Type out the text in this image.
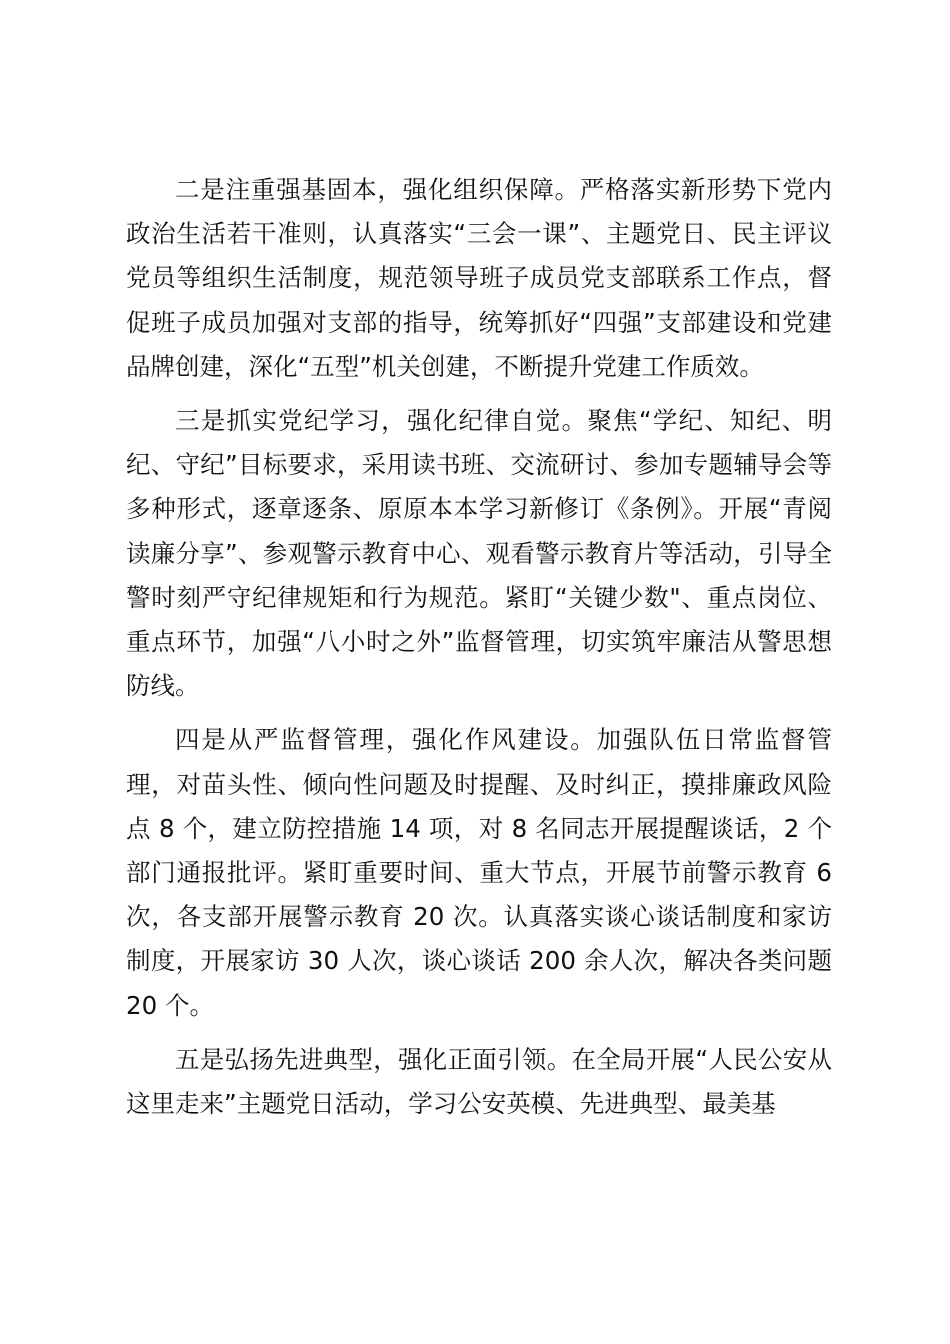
二是注重强基固本，强化组织保障。严格落实新形势下党内政治生活若干准则，认真落实“三会一课”、主题党日、民主评议党员等组织生活制度，规范领导班子成员党支部联系工作点，督促班子成员加强对支部的指导，统筹抓好“四强”支部建设和党建品牌创建，深化“五型”机关创建，不断提升党建工作质效。

三是抓实党纪学习，强化纪律自觉。聚焦“学纪、知纪、明纪、守纪”目标要求，采用读书班、交流研讨、参加专题辅导会等多种形式，逐章逐条、原原本本学习新修订《条例》。开展“青阅读廉分享”、参观警示教育中心、观看警示教育片等活动，引导全警时刻严守纪律规矩和行为规范。紧盯“关键少数"、重点岗位、重点环节，加强“八小时之外”监督管理，切实筑牢廉洁从警思想防线。

四是从严监督管理，强化作风建设。加强队伍日常监督管理，对苗头性、倾向性问题及时提醒、及时纠正，摸排廉政风险点 8 个，建立防控措施 14 项，对 8 名同志开展提醒谈话，2 个部门通报批评。紧盯重要时间、重大节点，开展节前警示教育 6 次，各支部开展警示教育 20 次。认真落实谈心谈话制度和家访制度，开展家访 30 人次，谈心谈话 200 余人次，解决各类问题 20 个。

五是弘扬先进典型，强化正面引领。在全局开展“人民公安从这里走来”主题党日活动，学习公安英模、先进典型、最美基
